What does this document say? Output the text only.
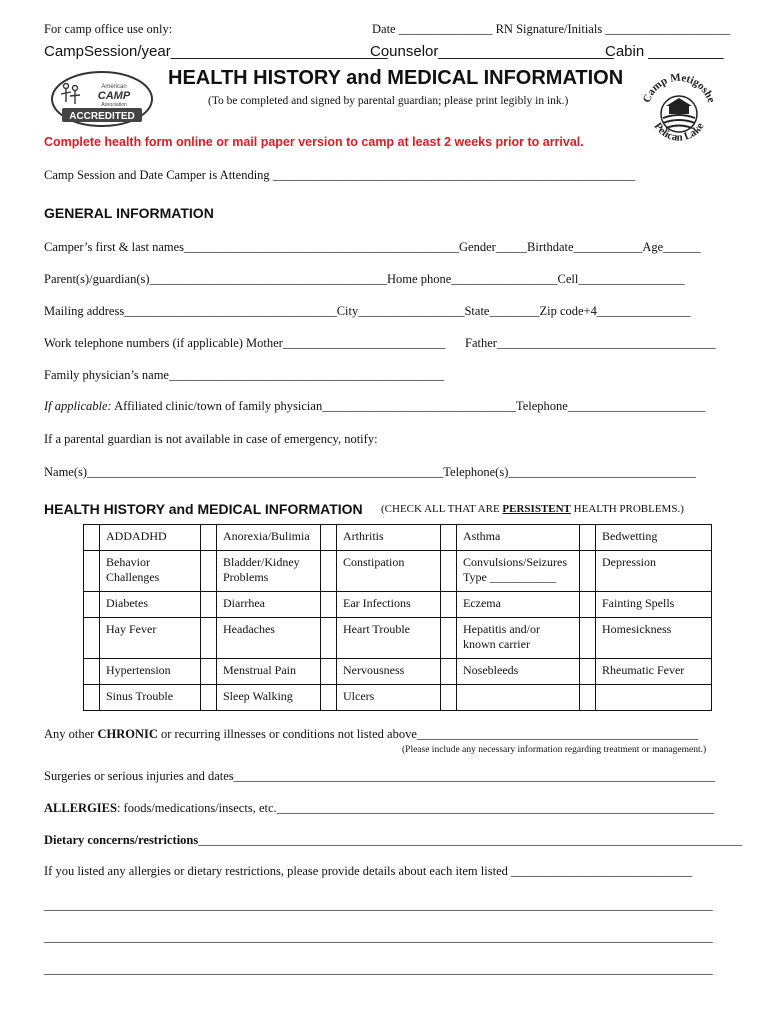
For camp office use only:	Date _______________ RN Signature/Initials ____________________
CampSession/year__________________________
Counselor_____________________
Cabin _________
American
CAMP
Association
ACCREDITED
Camp Metigoshe
Pelican Lake
HEALTH HISTORY and MEDICAL INFORMATION
(To be completed and signed by parental guardian; please print legibly in ink.)
Complete health form online or mail paper version to camp at least 2 weeks prior to arrival.
Camp Session and Date Camper is Attending __________________________________________________________
GENERAL INFORMATION
Camper’s first & last names____________________________________________Gender_____Birthdate___________Age______
Parent(s)/guardian(s)______________________________________Home phone_________________Cell_________________
Mailing address__________________________________City_________________State________Zip code+4_______________
Work telephone numbers (if applicable) Mother__________________________ Father___________________________________
Family physician’s name____________________________________________
If applicable: Affiliated clinic/town of family physician_______________________________Telephone______________________
If a parental guardian is not available in case of emergency, notify:
Name(s)_________________________________________________________Telephone(s)______________________________
HEALTH HISTORY and MEDICAL INFORMATION (CHECK ALL THAT ARE PERSISTENT HEALTH PROBLEMS.)
	ADDADHD		Anorexia/Bulimia		Arthritis		Asthma		Bedwetting
	Behavior Challenges		Bladder/Kidney Problems		Constipation		Convulsions/Seizures Type ___________		Depression
	Diabetes		Diarrhea		Ear Infections		Eczema		Fainting Spells
	Hay Fever		Headaches		Heart Trouble		Hepatitis and/or known carrier		Homesickness
	Hypertension		Menstrual Pain		Nervousness		Nosebleeds		Rheumatic Fever
	Sinus Trouble		Sleep Walking		Ulcers				
Any other CHRONIC or recurring illnesses or conditions not listed above_____________________________________________
(Please include any necessary information regarding treatment or management.)
Surgeries or serious injuries and dates_____________________________________________________________________________
ALLERGIES: foods/medications/insects, etc.______________________________________________________________________
Dietary concerns/restrictions_______________________________________________________________________________________
If you listed any allergies or dietary restrictions, please provide details about each item listed _____________________________
___________________________________________________________________________________________________________
___________________________________________________________________________________________________________
___________________________________________________________________________________________________________
